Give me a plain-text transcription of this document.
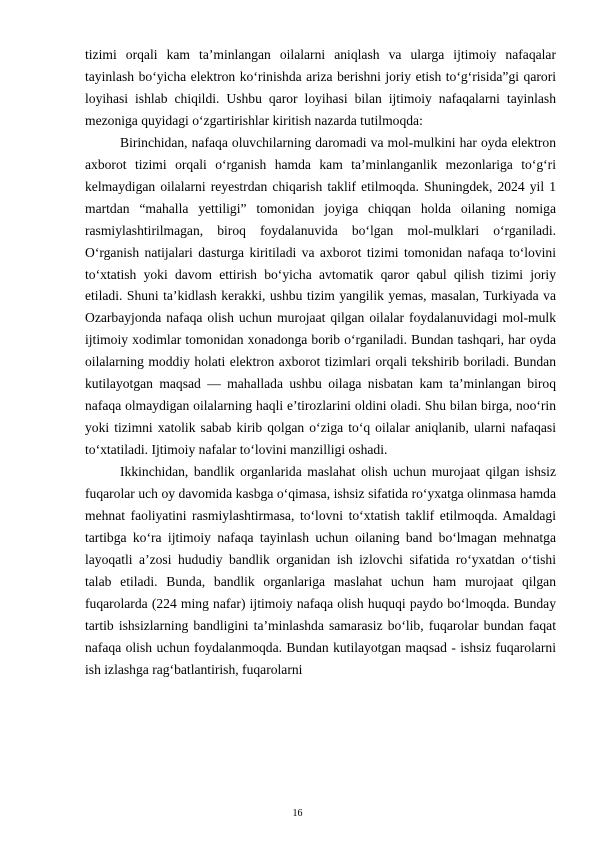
tizimi orqali kam ta’minlangan oilalarni aniqlash va ularga ijtimoiy nafaqalar tayinlash bo‘yicha elektron ko‘rinishda ariza berishni joriy etish to‘g‘risida”gi qarori loyihasi ishlab chiqildi. Ushbu qaror loyihasi bilan ijtimoiy nafaqalarni tayinlash mezoniga quyidagi o‘zgartirishlar kiritish nazarda tutilmoqda:

Birinchidan, nafaqa oluvchilarning daromadi va mol-mulkini har oyda elektron axborot tizimi orqali o‘rganish hamda kam ta’minlanganlik mezonlariga to‘g‘ri kelmaydigan oilalarni reyestrdan chiqarish taklif etilmoqda. Shuningdek, 2024 yil 1 martdan “mahalla yettiligi” tomonidan joyiga chiqqan holda oilaning nomiga rasmiylashtirilmagan, biroq foydalanuvida bo‘lgan mol-mulklari o‘rganiladi. O‘rganish natijalari dasturga kiritiladi va axborot tizimi tomonidan nafaqa to‘lovini to‘xtatish yoki davom ettirish bo‘yicha avtomatik qaror qabul qilish tizimi joriy etiladi. Shuni ta’kidlash kerakki, ushbu tizim yangilik yemas, masalan, Turkiyada va Ozarbayjonda nafaqa olish uchun murojaat qilgan oilalar foydalanuvidagi mol-mulk ijtimoiy xodimlar tomonidan xonadonga borib o‘rganiladi. Bundan tashqari, har oyda oilalarning moddiy holati elektron axborot tizimlari orqali tekshirib boriladi. Bundan kutilayotgan maqsad — mahallada ushbu oilaga nisbatan kam ta’minlangan biroq nafaqa olmaydigan oilalarning haqli e’tirozlarini oldini oladi. Shu bilan birga, noo‘rin yoki tizimni xatolik sabab kirib qolgan o‘ziga to‘q oilalar aniqlanib, ularni nafaqasi to‘xtatiladi. Ijtimoiy nafalar to‘lovini manzilligi oshadi.

Ikkinchidan, bandlik organlarida maslahat olish uchun murojaat qilgan ishsiz fuqarolar uch oy davomida kasbga o‘qimasa, ishsiz sifatida ro‘yxatga olinmasa hamda mehnat faoliyatini rasmiylashtirmasa, to‘lovni to‘xtatish taklif etilmoqda. Amaldagi tartibga ko‘ra ijtimoiy nafaqa tayinlash uchun oilaning band bo‘lmagan mehnatga layoqatli a’zosi hududiy bandlik organidan ish izlovchi sifatida ro‘yxatdan o‘tishi talab etiladi. Bunda, bandlik organlariga maslahat uchun ham murojaat qilgan fuqarolarda (224 ming nafar) ijtimoiy nafaqa olish huquqi paydo bo‘lmoqda. Bunday tartib ishsizlarning bandligini ta’minlashda samarasiz bo‘lib, fuqarolar bundan faqat nafaqa olish uchun foydalanmoqda. Bundan kutilayotgan maqsad - ishsiz fuqarolarni ish izlashga rag‘batlantirish, fuqarolarni

16
